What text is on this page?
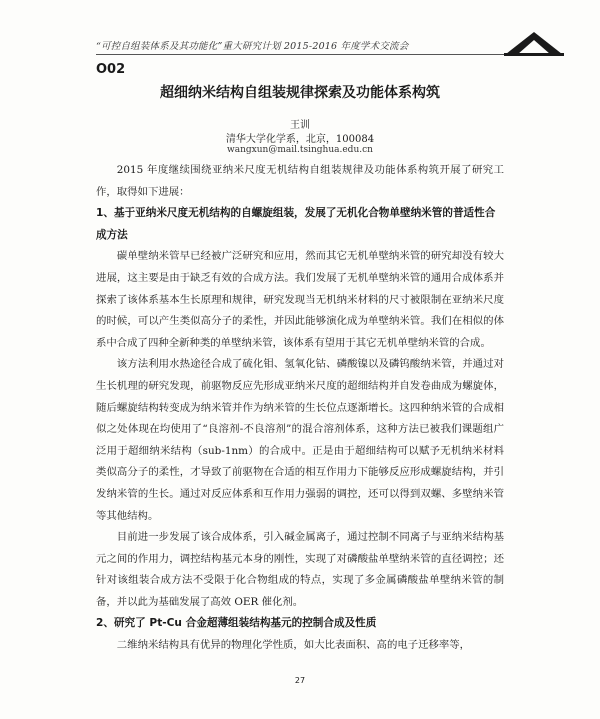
“可控自组装体系及其功能化”重大研究计划 2015-2016 年度学术交流会
O02
超细纳米结构自组装规律探索及功能体系构筑
王训
清华大学化学系，北京，100084
wangxun@mail.tsinghua.edu.cn

2015 年度继续围绕亚纳米尺度无机结构自组装规律及功能体系构筑开展了研究工作，取得如下进展：

1、基于亚纳米尺度无机结构的自螺旋组装，发展了无机化合物单壁纳米管的普适性合成方法

碳单壁纳米管早已经被广泛研究和应用，然而其它无机单壁纳米管的研究却没有较大进展，这主要是由于缺乏有效的合成方法。我们发展了无机单壁纳米管的通用合成体系并探索了该体系基本生长原理和规律，研究发现当无机纳米材料的尺寸被限制在亚纳米尺度的时候，可以产生类似高分子的柔性，并因此能够演化成为单壁纳米管。我们在相似的体系中合成了四种全新种类的单壁纳米管，该体系有望用于其它无机单壁纳米管的合成。

该方法利用水热途径合成了硫化钼、氢氧化钴、磷酸镍以及磷钨酸纳米管，并通过对生长机理的研究发现，前驱物反应先形成亚纳米尺度的超细结构并自发卷曲成为螺旋体，随后螺旋结构转变成为纳米管并作为纳米管的生长位点逐渐增长。这四种纳米管的合成相似之处体现在均使用了“良溶剂-不良溶剂”的混合溶剂体系，这种方法已被我们课题组广泛用于超细纳米结构（sub-1nm）的合成中。正是由于超细结构可以赋予无机纳米材料类似高分子的柔性，才导致了前驱物在合适的相互作用力下能够反应形成螺旋结构，并引发纳米管的生长。通过对反应体系和互作用力强弱的调控，还可以得到双螺、多壁纳米管等其他结构。

目前进一步发展了该合成体系，引入碱金属离子，通过控制不同离子与亚纳米结构基元之间的作用力，调控结构基元本身的刚性，实现了对磷酸盐单壁纳米管的直径调控；还针对该组装合成方法不受限于化合物组成的特点，实现了多金属磷酸盐单壁纳米管的制备，并以此为基础发展了高效 OER 催化剂。

2、研究了 Pt-Cu 合金超薄组装结构基元的控制合成及性质

二维纳米结构具有优异的物理化学性质，如大比表面积、高的电子迁移率等，

27
